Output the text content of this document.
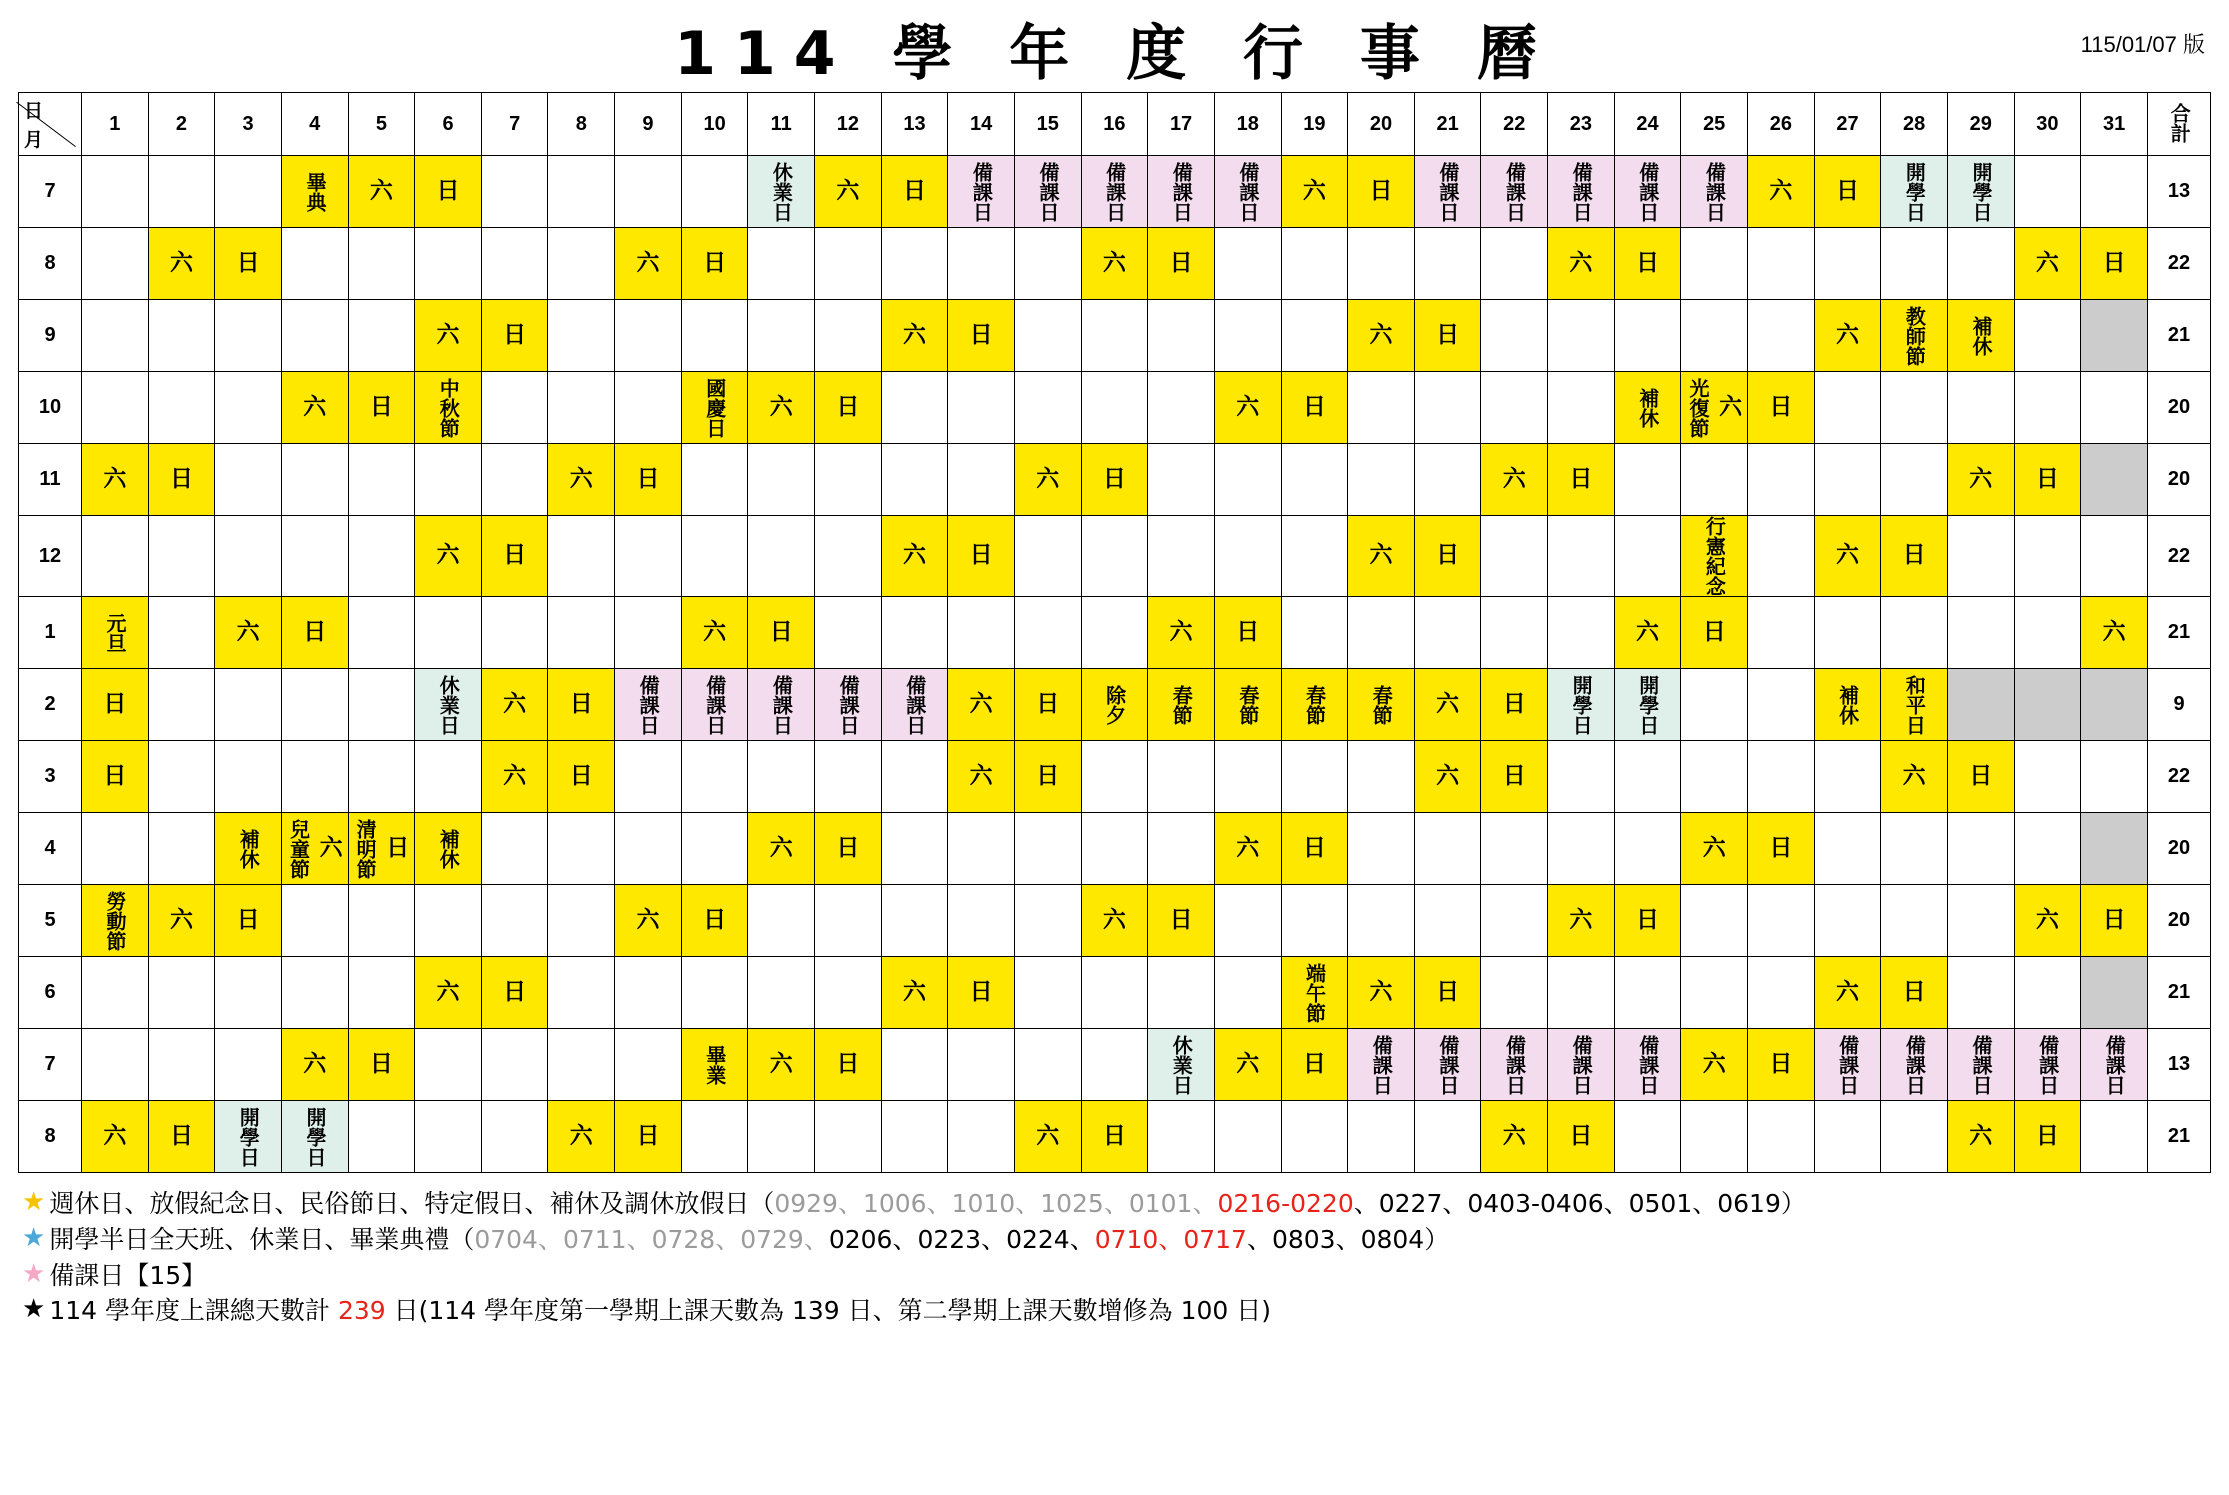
114 學 年 度 行 事 曆	115/01/07 版
日
月	1	2	3	4	5	6	7	8	9	10	11	12	13	14	15	16	17	18	19	20	21	22	23	24	25	26	27	28	29	30	31	合計
7				畢典	六	日					休業日	六	日	備課日	備課日	備課日	備課日	備課日	六	日	備課日	備課日	備課日	備課日	備課日	六	日	開學日	開學日			13
8		六	日						六	日						六	日						六	日						六	日	22
9						六	日						六	日						六	日						六	教師節	補休			21
10				六	日	中秋節				國慶日	六	日						六	日					補休	光復節 六	日						20
11	六	日						六	日						六	日						六	日						六	日		20
12						六	日						六	日						六	日				行憲紀念		六	日				22
1	元旦		六	日						六	日						六	日						六	日						六	21
2	日					休業日	六	日	備課日	備課日	備課日	備課日	備課日	六	日	除夕	春節	春節	春節	春節	六	日	開學日	開學日			補休	和平日				9
3	日						六	日						六	日						六	日						六	日			22
4			補休	兒童節 六	清明節 日	補休					六	日						六	日						六	日						20
5	勞動節	六	日						六	日						六	日						六	日						六	日	20
6						六	日						六	日					端午節	六	日						六	日				21
7				六	日					畢業	六	日					休業日	六	日	備課日	備課日	備課日	備課日	備課日	六	日	備課日	備課日	備課日	備課日	備課日	13
8	六	日	開學日	開學日				六	日						六	日						六	日						六	日		21
★ 週休日、放假紀念日、民俗節日、特定假日、補休及調休放假日（0929、1006、1010、1025、0101、0216-0220、0227、0403-0406、0501、0619）
★ 開學半日全天班、休業日、畢業典禮（0704、0711、0728、0729、0206、0223、0224、0710、0717、0803、0804）
★ 備課日【15】
★ 114 學年度上課總天數計 239 日(114 學年度第一學期上課天數為 139 日、第二學期上課天數增修為 100 日)
